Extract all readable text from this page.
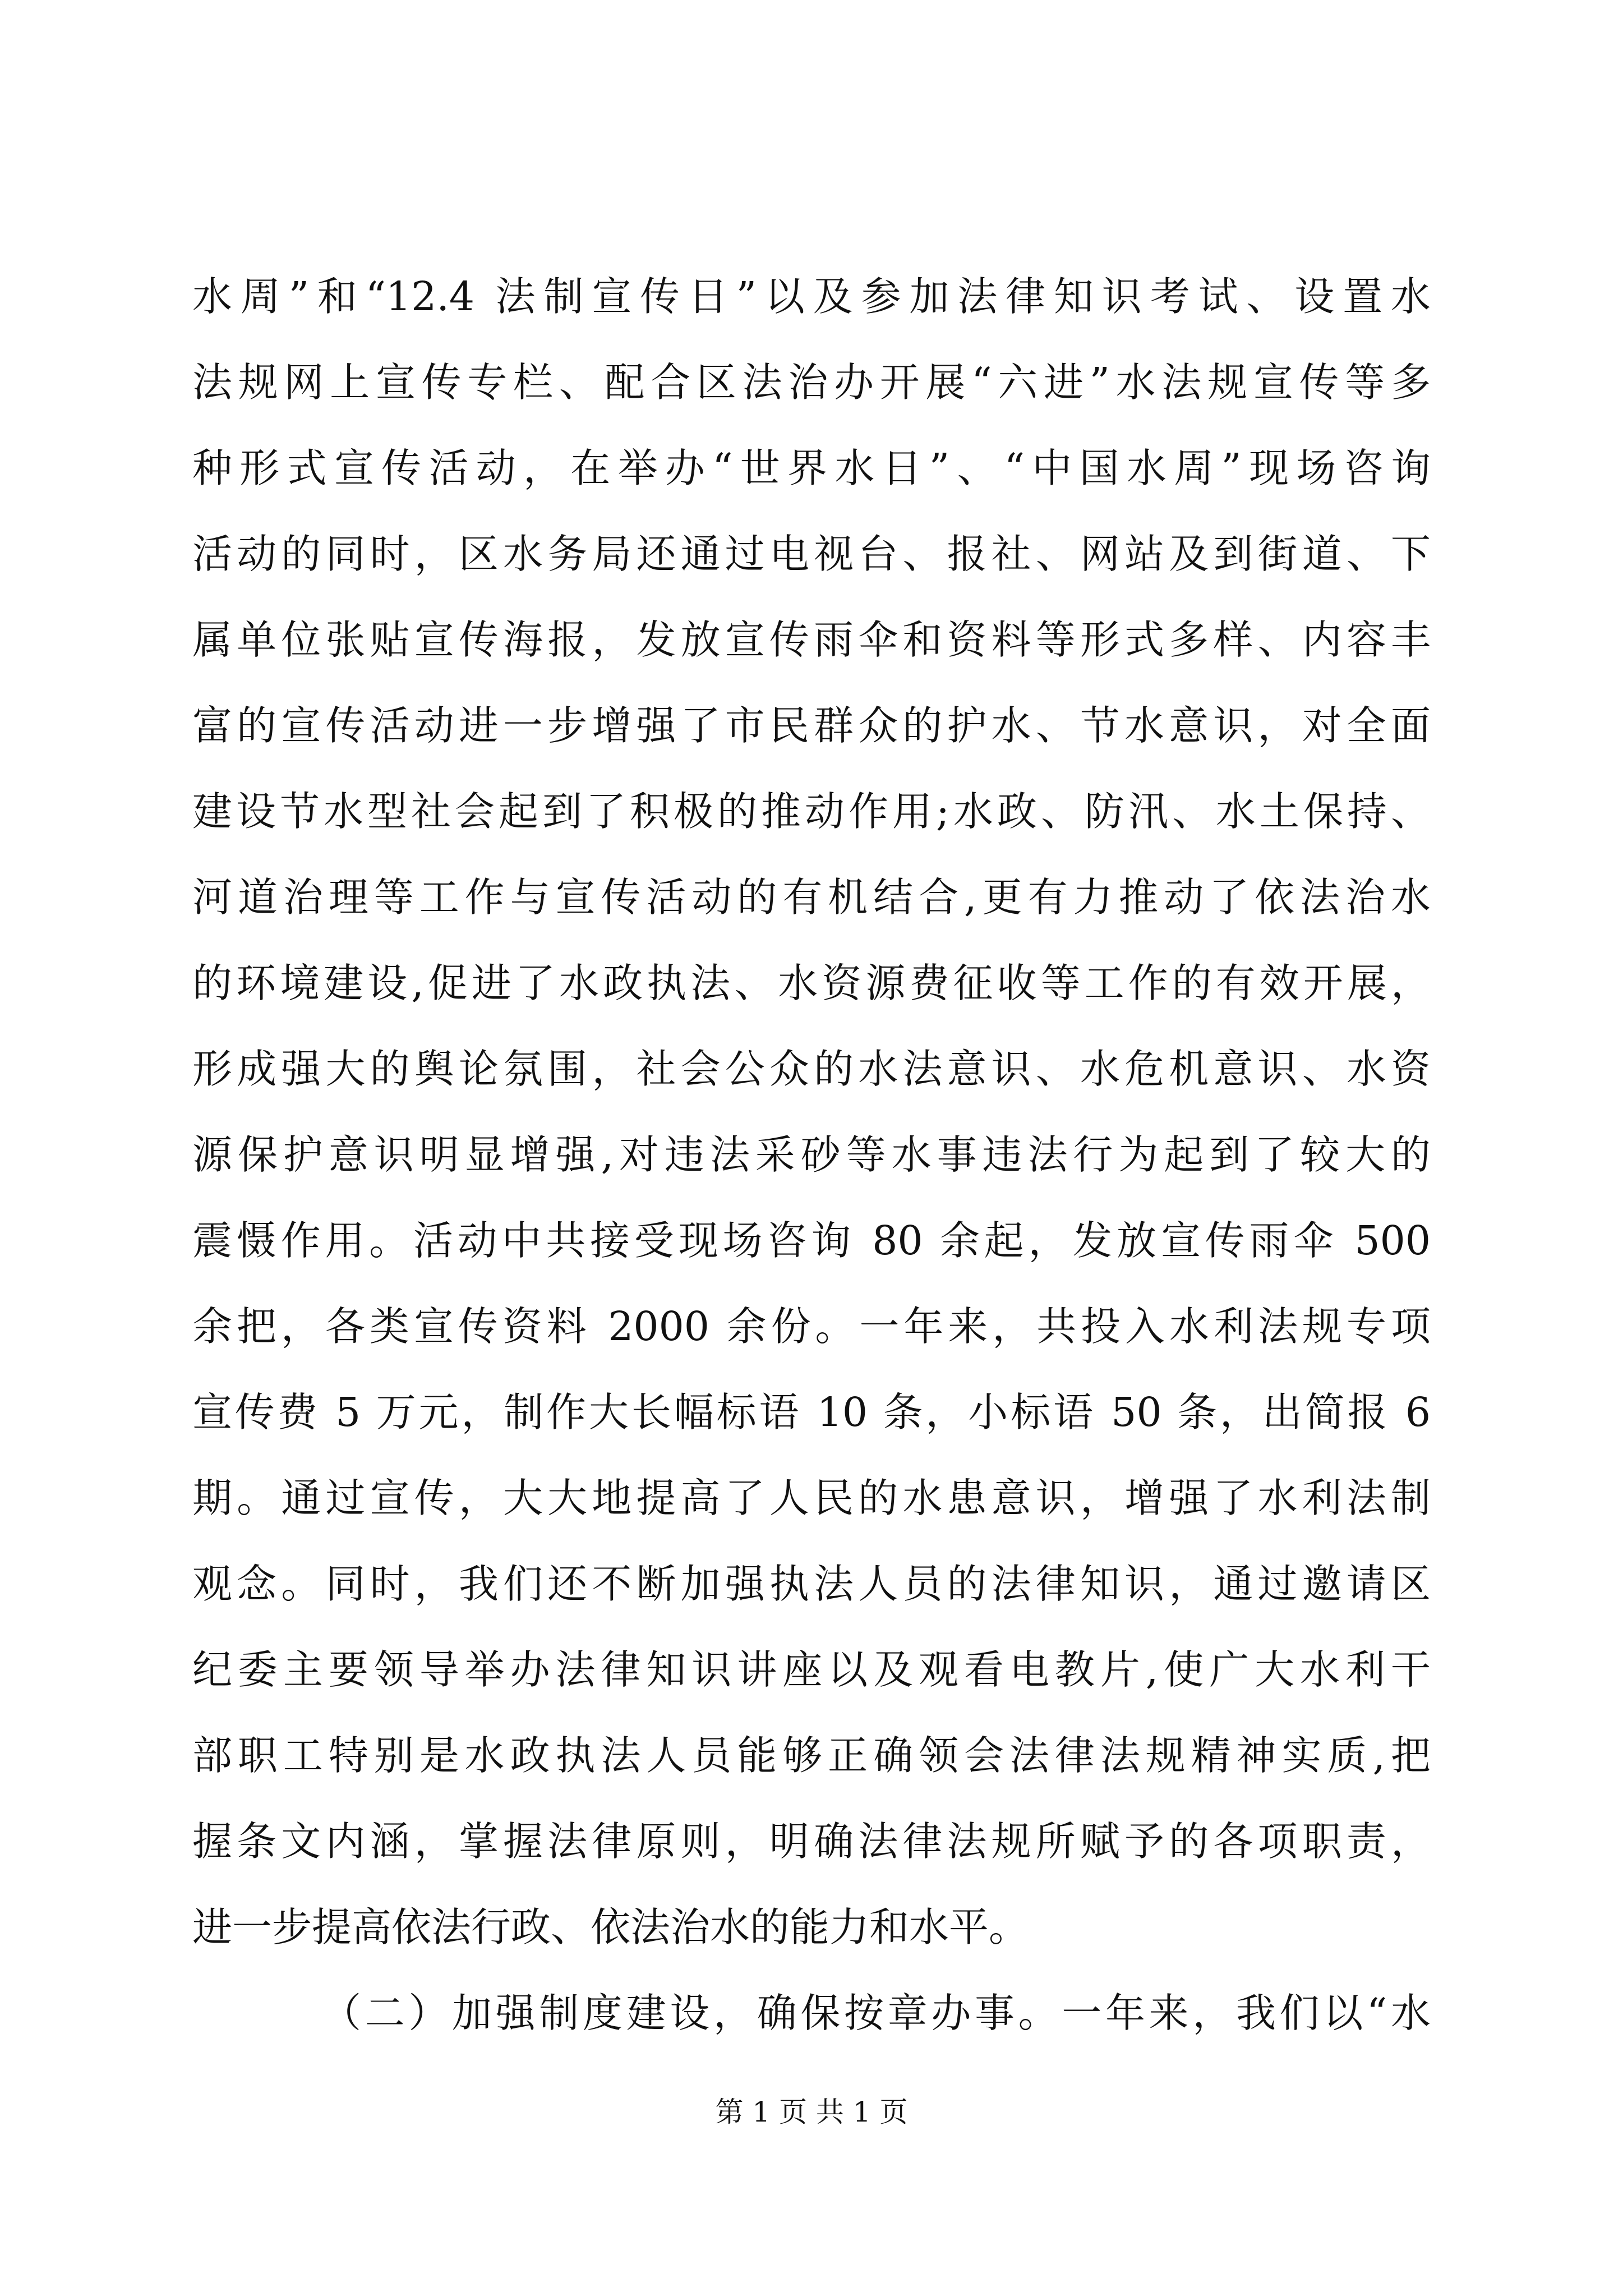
水周”和“12.4 法制宣传日”以及参加法律知识考试、设置水
法规网上宣传专栏、配合区法治办开展“六进”水法规宣传等多
种形式宣传活动，在举办“世界水日”、“中国水周”现场咨询
活动的同时，区水务局还通过电视台、报社、网站及到街道、下
属单位张贴宣传海报，发放宣传雨伞和资料等形式多样、内容丰
富的宣传活动进一步增强了市民群众的护水、节水意识，对全面
建设节水型社会起到了积极的推动作用;水政、防汛、水土保持、
河道治理等工作与宣传活动的有机结合,更有力推动了依法治水
的环境建设,促进了水政执法、水资源费征收等工作的有效开展，
形成强大的舆论氛围，社会公众的水法意识、水危机意识、水资
源保护意识明显增强,对违法采砂等水事违法行为起到了较大的
震慑作用。活动中共接受现场咨询 80 余起，发放宣传雨伞 500
余把，各类宣传资料 2000 余份。一年来，共投入水利法规专项
宣传费 5 万元，制作大长幅标语 10 条，小标语 50 条，出简报 6
期。通过宣传，大大地提高了人民的水患意识，增强了水利法制
观念。同时，我们还不断加强执法人员的法律知识，通过邀请区
纪委主要领导举办法律知识讲座以及观看电教片,使广大水利干
部职工特别是水政执法人员能够正确领会法律法规精神实质,把
握条文内涵，掌握法律原则，明确法律法规所赋予的各项职责，
进一步提高依法行政、依法治水的能力和水平。
（二）加强制度建设，确保按章办事。一年来，我们以“水
第 1 页 共 1 页
